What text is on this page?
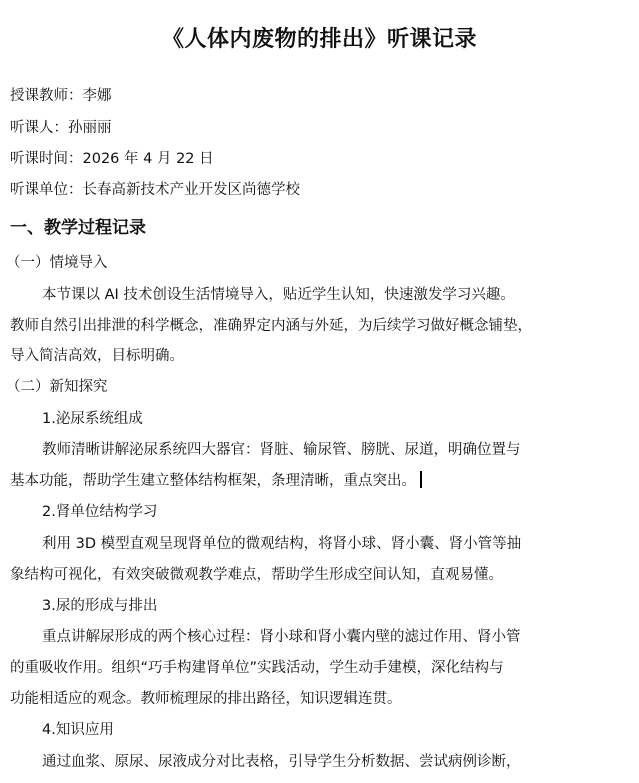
《人体内废物的排出》听课记录
授课教师：李娜
听课人：孙丽丽
听课时间：2026 年 4 月 22 日
听课单位：长春高新技术产业开发区尚德学校
一、教学过程记录
（一）情境导入
本节课以 AI 技术创设生活情境导入，贴近学生认知，快速激发学习兴趣。
教师自然引出排泄的科学概念，准确界定内涵与外延，为后续学习做好概念铺垫，
导入简洁高效，目标明确。
（二）新知探究
1.泌尿系统组成
教师清晰讲解泌尿系统四大器官：肾脏、输尿管、膀胱、尿道，明确位置与
基本功能，帮助学生建立整体结构框架，条理清晰，重点突出。
2.肾单位结构学习
利用 3D 模型直观呈现肾单位的微观结构，将肾小球、肾小囊、肾小管等抽
象结构可视化，有效突破微观教学难点，帮助学生形成空间认知，直观易懂。
3.尿的形成与排出
重点讲解尿形成的两个核心过程：肾小球和肾小囊内壁的滤过作用、肾小管
的重吸收作用。组织“巧手构建肾单位”实践活动，学生动手建模，深化结构与
功能相适应的观念。教师梳理尿的排出路径，知识逻辑连贯。
4.知识应用
通过血浆、原尿、尿液成分对比表格，引导学生分析数据、尝试病例诊断，
